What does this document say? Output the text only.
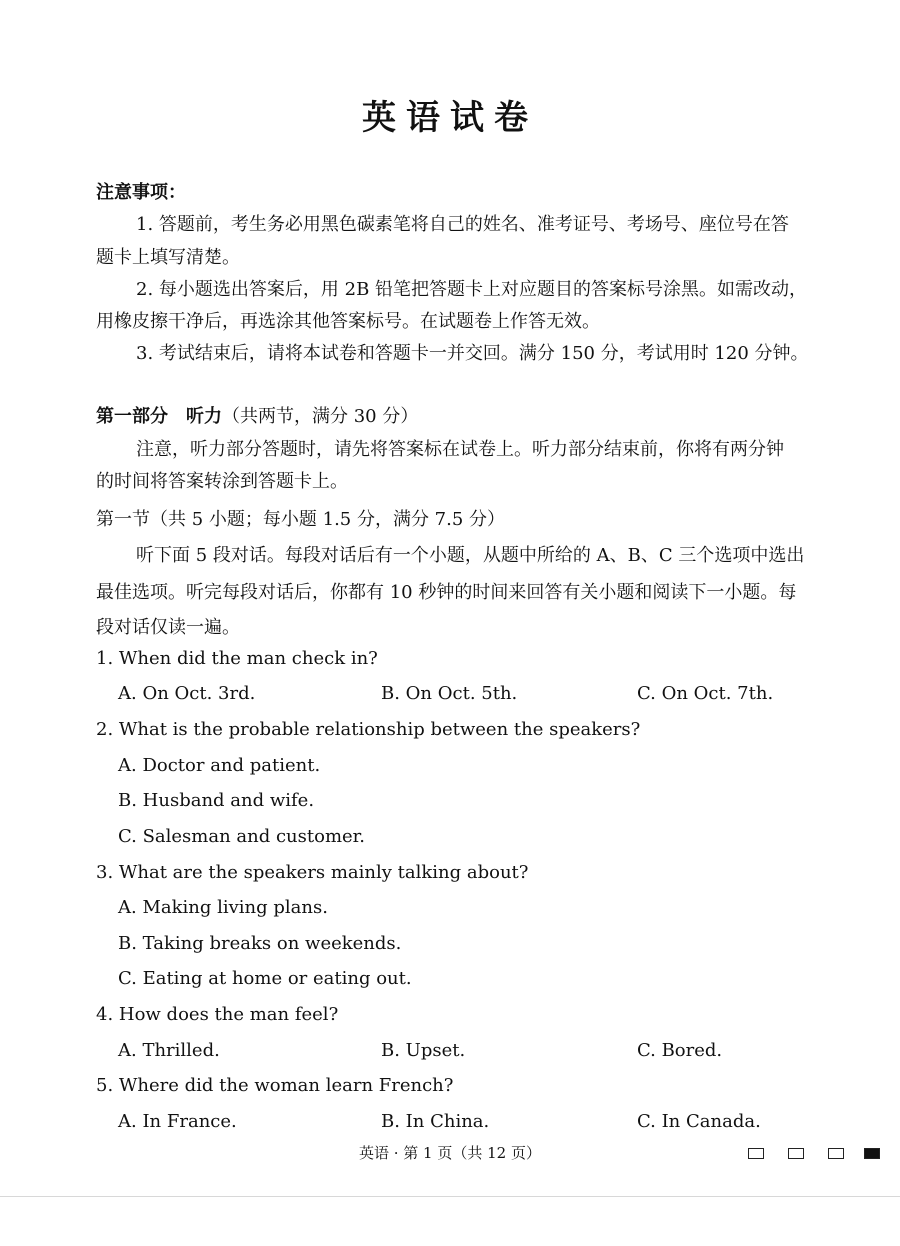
英语试卷
注意事项：
1. 答题前，考生务必用黑色碳素笔将自己的姓名、准考证号、考场号、座位号在答
题卡上填写清楚。
2. 每小题选出答案后，用 2B 铅笔把答题卡上对应题目的答案标号涂黑。如需改动，
用橡皮擦干净后，再选涂其他答案标号。在试题卷上作答无效。
3. 考试结束后，请将本试卷和答题卡一并交回。满分 150 分，考试用时 120 分钟。
第一部分　听力（共两节，满分 30 分）
注意，听力部分答题时，请先将答案标在试卷上。听力部分结束前，你将有两分钟
的时间将答案转涂到答题卡上。
第一节（共 5 小题；每小题 1.5 分，满分 7.5 分）
听下面 5 段对话。每段对话后有一个小题，从题中所给的 A、B、C 三个选项中选出
最佳选项。听完每段对话后，你都有 10 秒钟的时间来回答有关小题和阅读下一小题。每
段对话仅读一遍。
1. When did the man check in?
A. On Oct. 3rd.	B. On Oct. 5th.	C. On Oct. 7th.
2. What is the probable relationship between the speakers?
A. Doctor and patient.
B. Husband and wife.
C. Salesman and customer.
3. What are the speakers mainly talking about?
A. Making living plans.
B. Taking breaks on weekends.
C. Eating at home or eating out.
4. How does the man feel?
A. Thrilled.	B. Upset.	C. Bored.
5. Where did the woman learn French?
A. In France.	B. In China.	C. In Canada.
英语 · 第 1 页（共 12 页）
